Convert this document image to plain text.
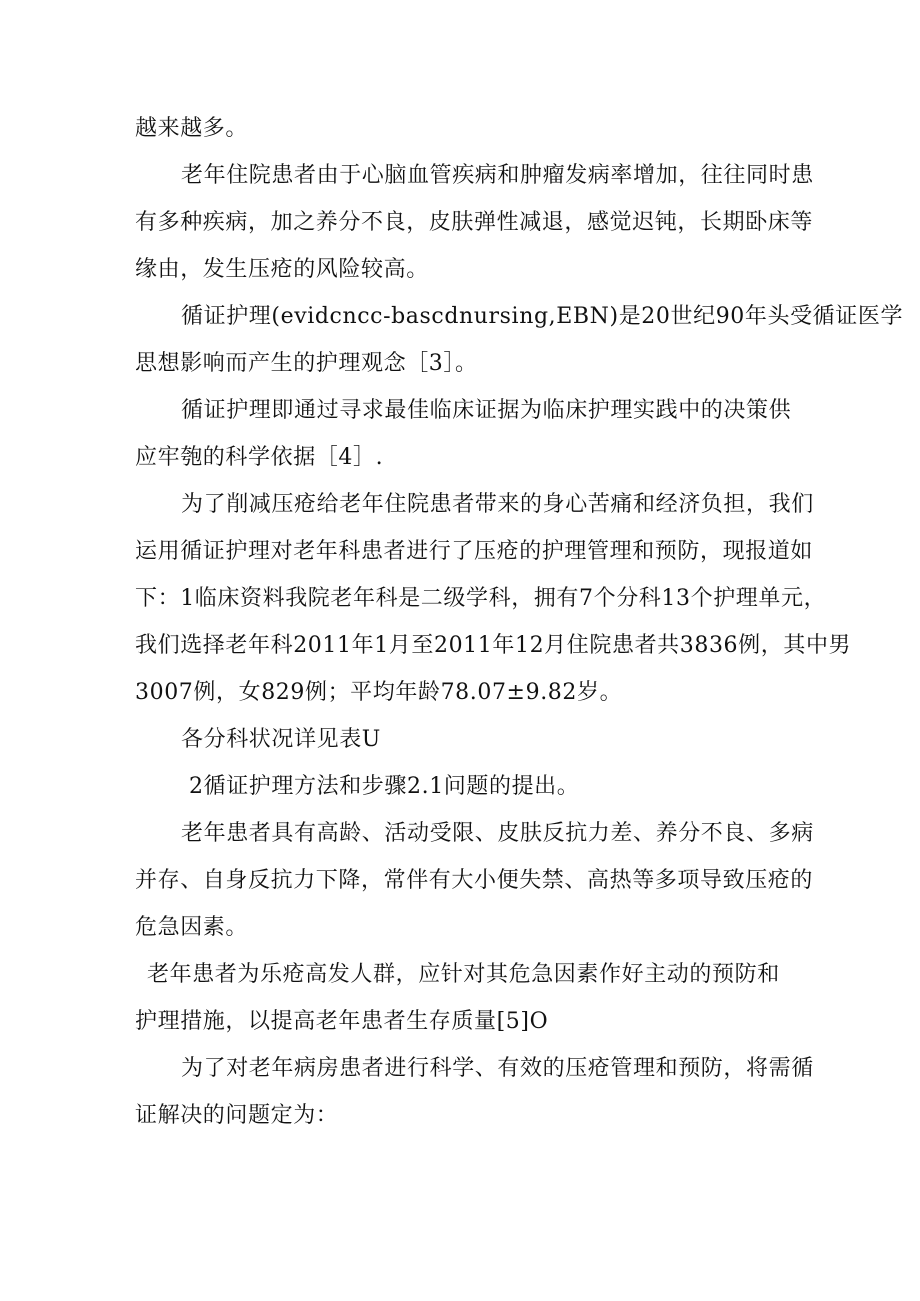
越来越多。

老年住院患者由于心脑血管疾病和肿瘤发病率增加，往往同时患
有多种疾病，加之养分不良，皮肤弹性减退，感觉迟钝，长期卧床等
缘由，发生压疮的风险较高。

循证护理(evidcncc-bascdnursing,EBN)是20世纪90年头受循证医学
思想影响而产生的护理观念［3］。

循证护理即通过寻求最佳临床证据为临床护理实践中的决策供
应牢匏的科学依据［4］.

为了削减压疮给老年住院患者带来的身心苦痛和经济负担，我们
运用循证护理对老年科患者进行了压疮的护理管理和预防，现报道如
下：1临床资料我院老年科是二级学科，拥有7个分科13个护理单元，
我们选择老年科2011年1月至2011年12月住院患者共3836例，其中男
3007例，女829例；平均年龄78.07±9.82岁。

各分科状况详见表U

2循证护理方法和步骤2.1问题的提出。

老年患者具有高龄、活动受限、皮肤反抗力差、养分不良、多病
并存、自身反抗力下降，常伴有大小便失禁、高热等多项导致压疮的
危急因素。

老年患者为乐疮高发人群，应针对其危急因素作好主动的预防和
护理措施，以提高老年患者生存质量[5]O

为了对老年病房患者进行科学、有效的压疮管理和预防，将需循
证解决的问题定为：
